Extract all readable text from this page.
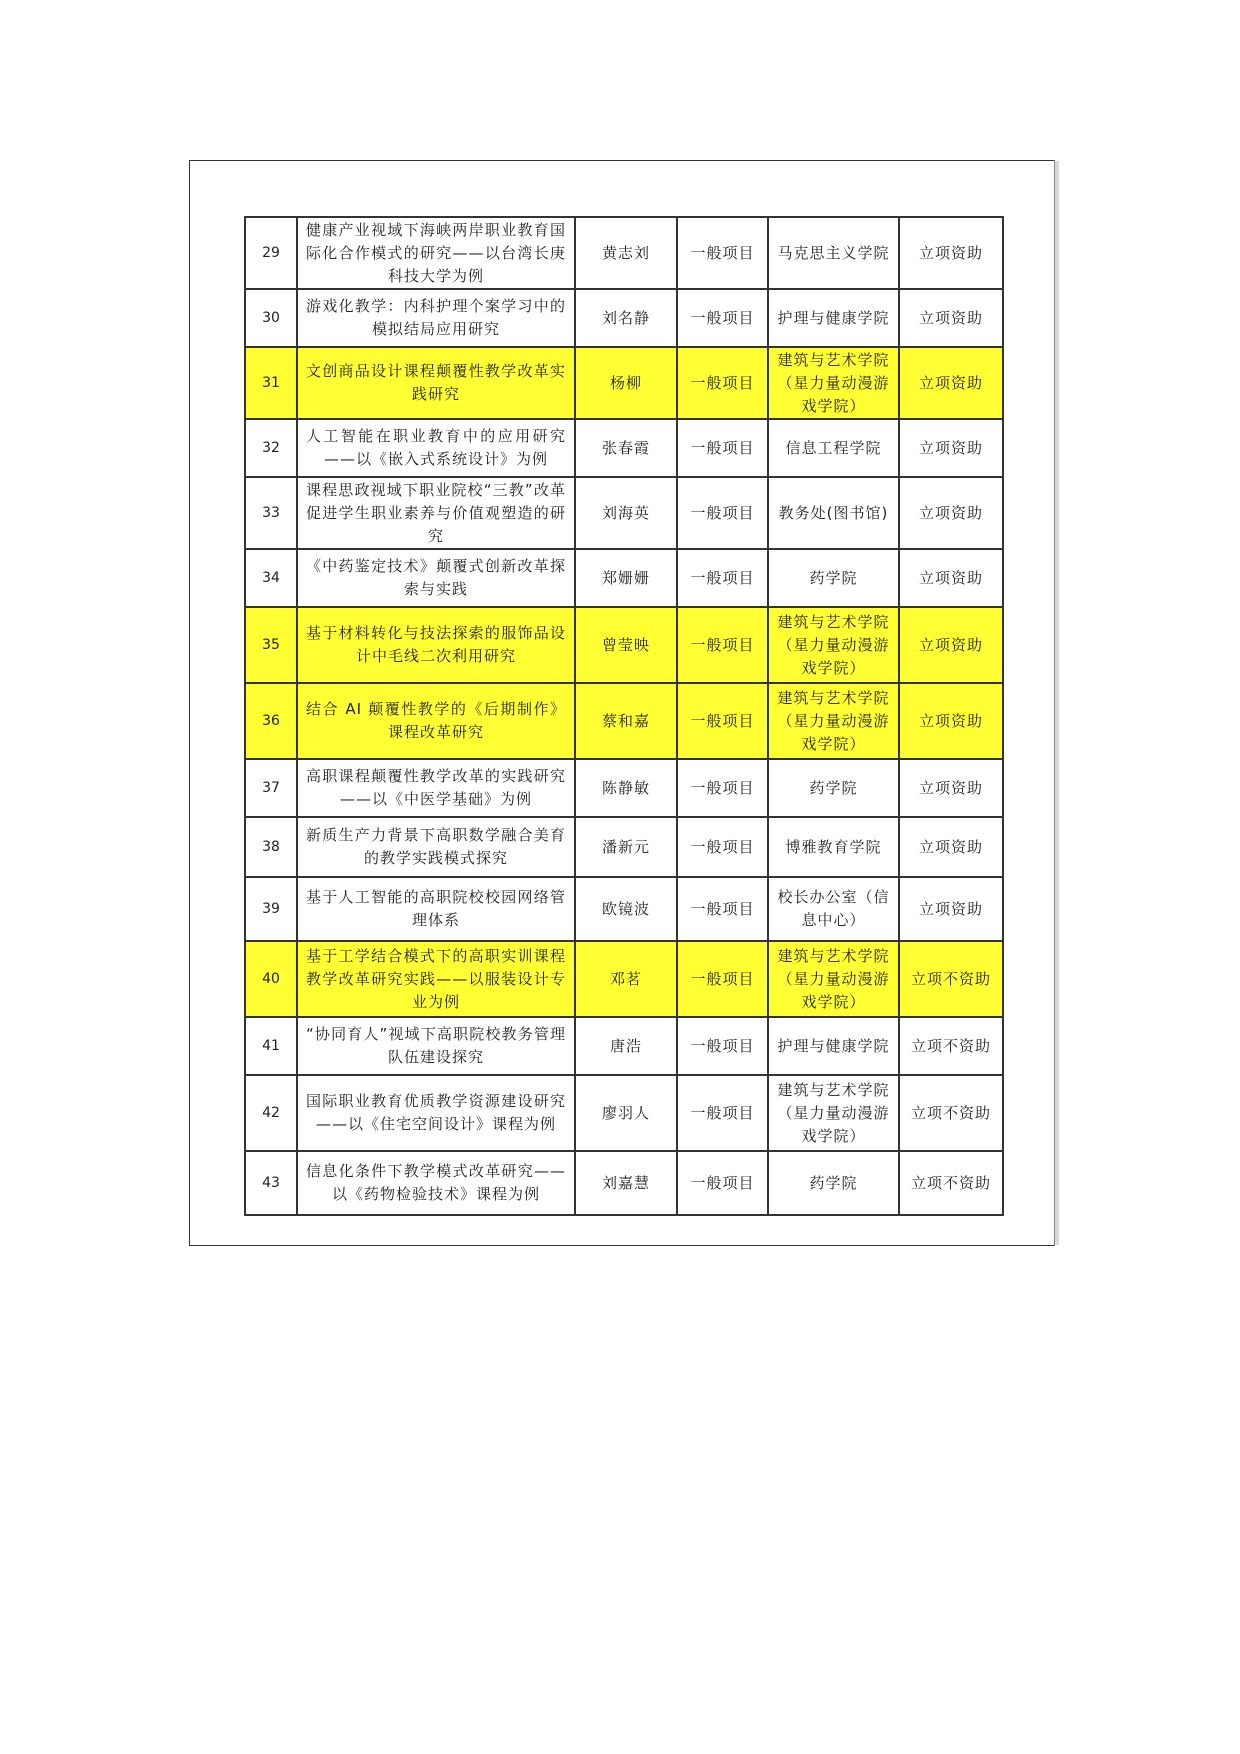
29	健康产业视域下海峡两岸职业教育国际化合作模式的研究——以台湾长庚科技大学为例	黄志刘	一般项目	马克思主义学院	立项资助
30	游戏化教学：内科护理个案学习中的模拟结局应用研究	刘名静	一般项目	护理与健康学院	立项资助
31	文创商品设计课程颠覆性教学改革实践研究	杨柳	一般项目	建筑与艺术学院（星力量动漫游戏学院）	立项资助
32	人工智能在职业教育中的应用研究——以《嵌入式系统设计》为例	张春霞	一般项目	信息工程学院	立项资助
33	课程思政视域下职业院校“三教”改革促进学生职业素养与价值观塑造的研究	刘海英	一般项目	教务处(图书馆)	立项资助
34	《中药鉴定技术》颠覆式创新改革探索与实践	郑姗姗	一般项目	药学院	立项资助
35	基于材料转化与技法探索的服饰品设计中毛线二次利用研究	曾莹映	一般项目	建筑与艺术学院（星力量动漫游戏学院）	立项资助
36	结合 AI 颠覆性教学的《后期制作》课程改革研究	蔡和嘉	一般项目	建筑与艺术学院（星力量动漫游戏学院）	立项资助
37	高职课程颠覆性教学改革的实践研究——以《中医学基础》为例	陈静敏	一般项目	药学院	立项资助
38	新质生产力背景下高职数学融合美育的教学实践模式探究	潘新元	一般项目	博雅教育学院	立项资助
39	基于人工智能的高职院校校园网络管理体系	欧镜波	一般项目	校长办公室（信息中心）	立项资助
40	基于工学结合模式下的高职实训课程教学改革研究实践——以服装设计专业为例	邓茗	一般项目	建筑与艺术学院（星力量动漫游戏学院）	立项不资助
41	“协同育人”视域下高职院校教务管理队伍建设探究	唐浩	一般项目	护理与健康学院	立项不资助
42	国际职业教育优质教学资源建设研究——以《住宅空间设计》课程为例	廖羽人	一般项目	建筑与艺术学院（星力量动漫游戏学院）	立项不资助
43	信息化条件下教学模式改革研究——以《药物检验技术》课程为例	刘嘉慧	一般项目	药学院	立项不资助
